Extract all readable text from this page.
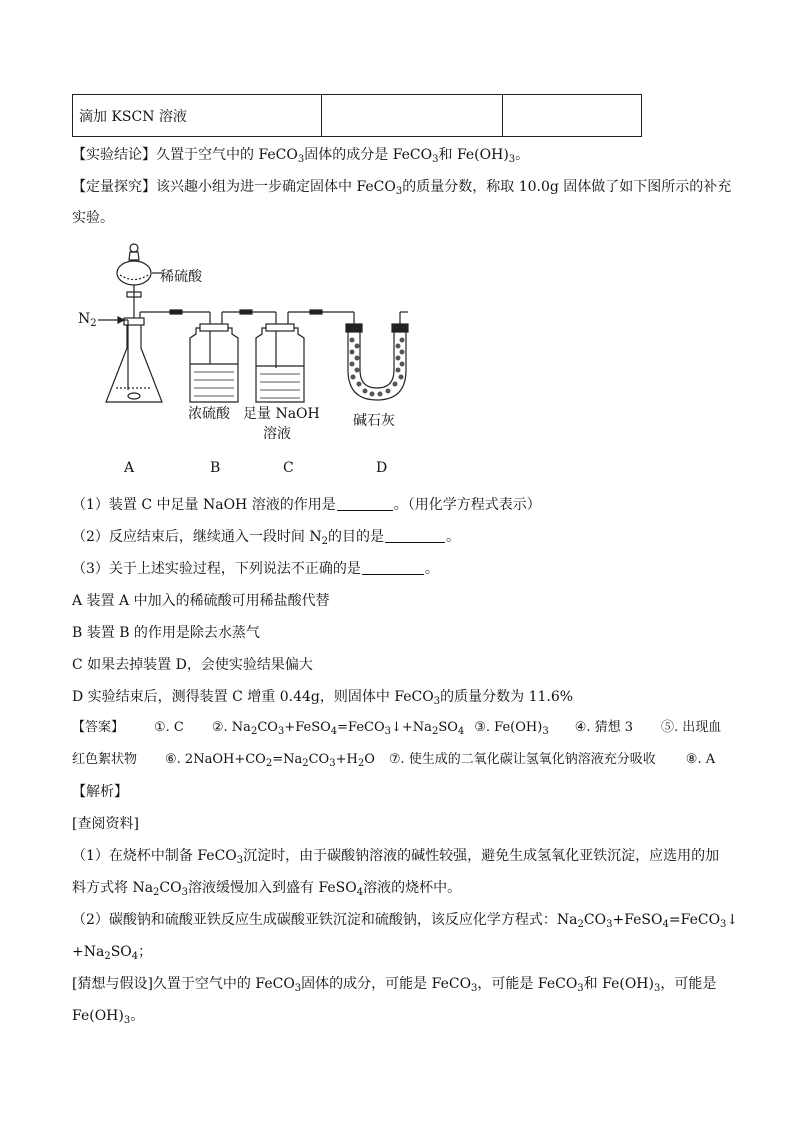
滴加 KSCN 溶液		
【实验结论】久置于空气中的 FeCO$_3$固体的成分是 FeCO$_3$和 $Fe(OH)_3$。
【定量探究】该兴趣小组为进一步确定固体中 FeCO$_3$的质量分数，称取 10.0g 固体做了如下图所示的补充
实验。
$N_2$
稀硫酸
浓硫酸 足量 NaOH
溶液
碱石灰
A	B	C	D
（1）装置 C 中足量 NaOH 溶液的作用是	。（用化学方程式表示）
（2）反应结束后，继续通入一段时间 $N_2$的目的是	。
（3）关于上述实验过程，下列说法不正确的是	。
A 装置 A 中加入的稀硫酸可用稀盐酸代替
B 装置 B 的作用是除去水蒸气
C 如果去掉装置 D，会使实验结果偏大
D 实验结束后，测得装置 C 增重 0.44g，则固体中 FeCO$_3$的质量分数为 11.6%
【答案】 ①. C ②. $Na_2CO_3+FeSO_4=FeCO_3↓+Na_2SO_4$ ③. $Fe(OH)_3$ ④. 猜想 3 ⑤. 出现血
红色絮状物 ⑥. $2NaOH+CO_2=Na_2CO_3+H_2O$ ⑦. 使生成的二氧化碳让氢氧化钠溶液充分吸收 ⑧. A
【解析】
[查阅资料]
（1）在烧杯中制备 FeCO$_3$沉淀时，由于碳酸钠溶液的碱性较强，避免生成氢氧化亚铁沉淀，应选用的加
料方式将 $Na_2CO_3$溶液缓慢加入到盛有 FeSO$_4$溶液的烧杯中。
（2）碳酸钠和硫酸亚铁反应生成碳酸亚铁沉淀和硫酸钠，该反应化学方程式：$Na_2CO_3+FeSO_4=FeCO_3↓$
$+Na_2SO_4$；
[猜想与假设]久置于空气中的 FeCO$_3$固体的成分，可能是 FeCO$_3$，可能是 FeCO$_3$和 $Fe(OH)_3$，可能是
$Fe(OH)_3$。
